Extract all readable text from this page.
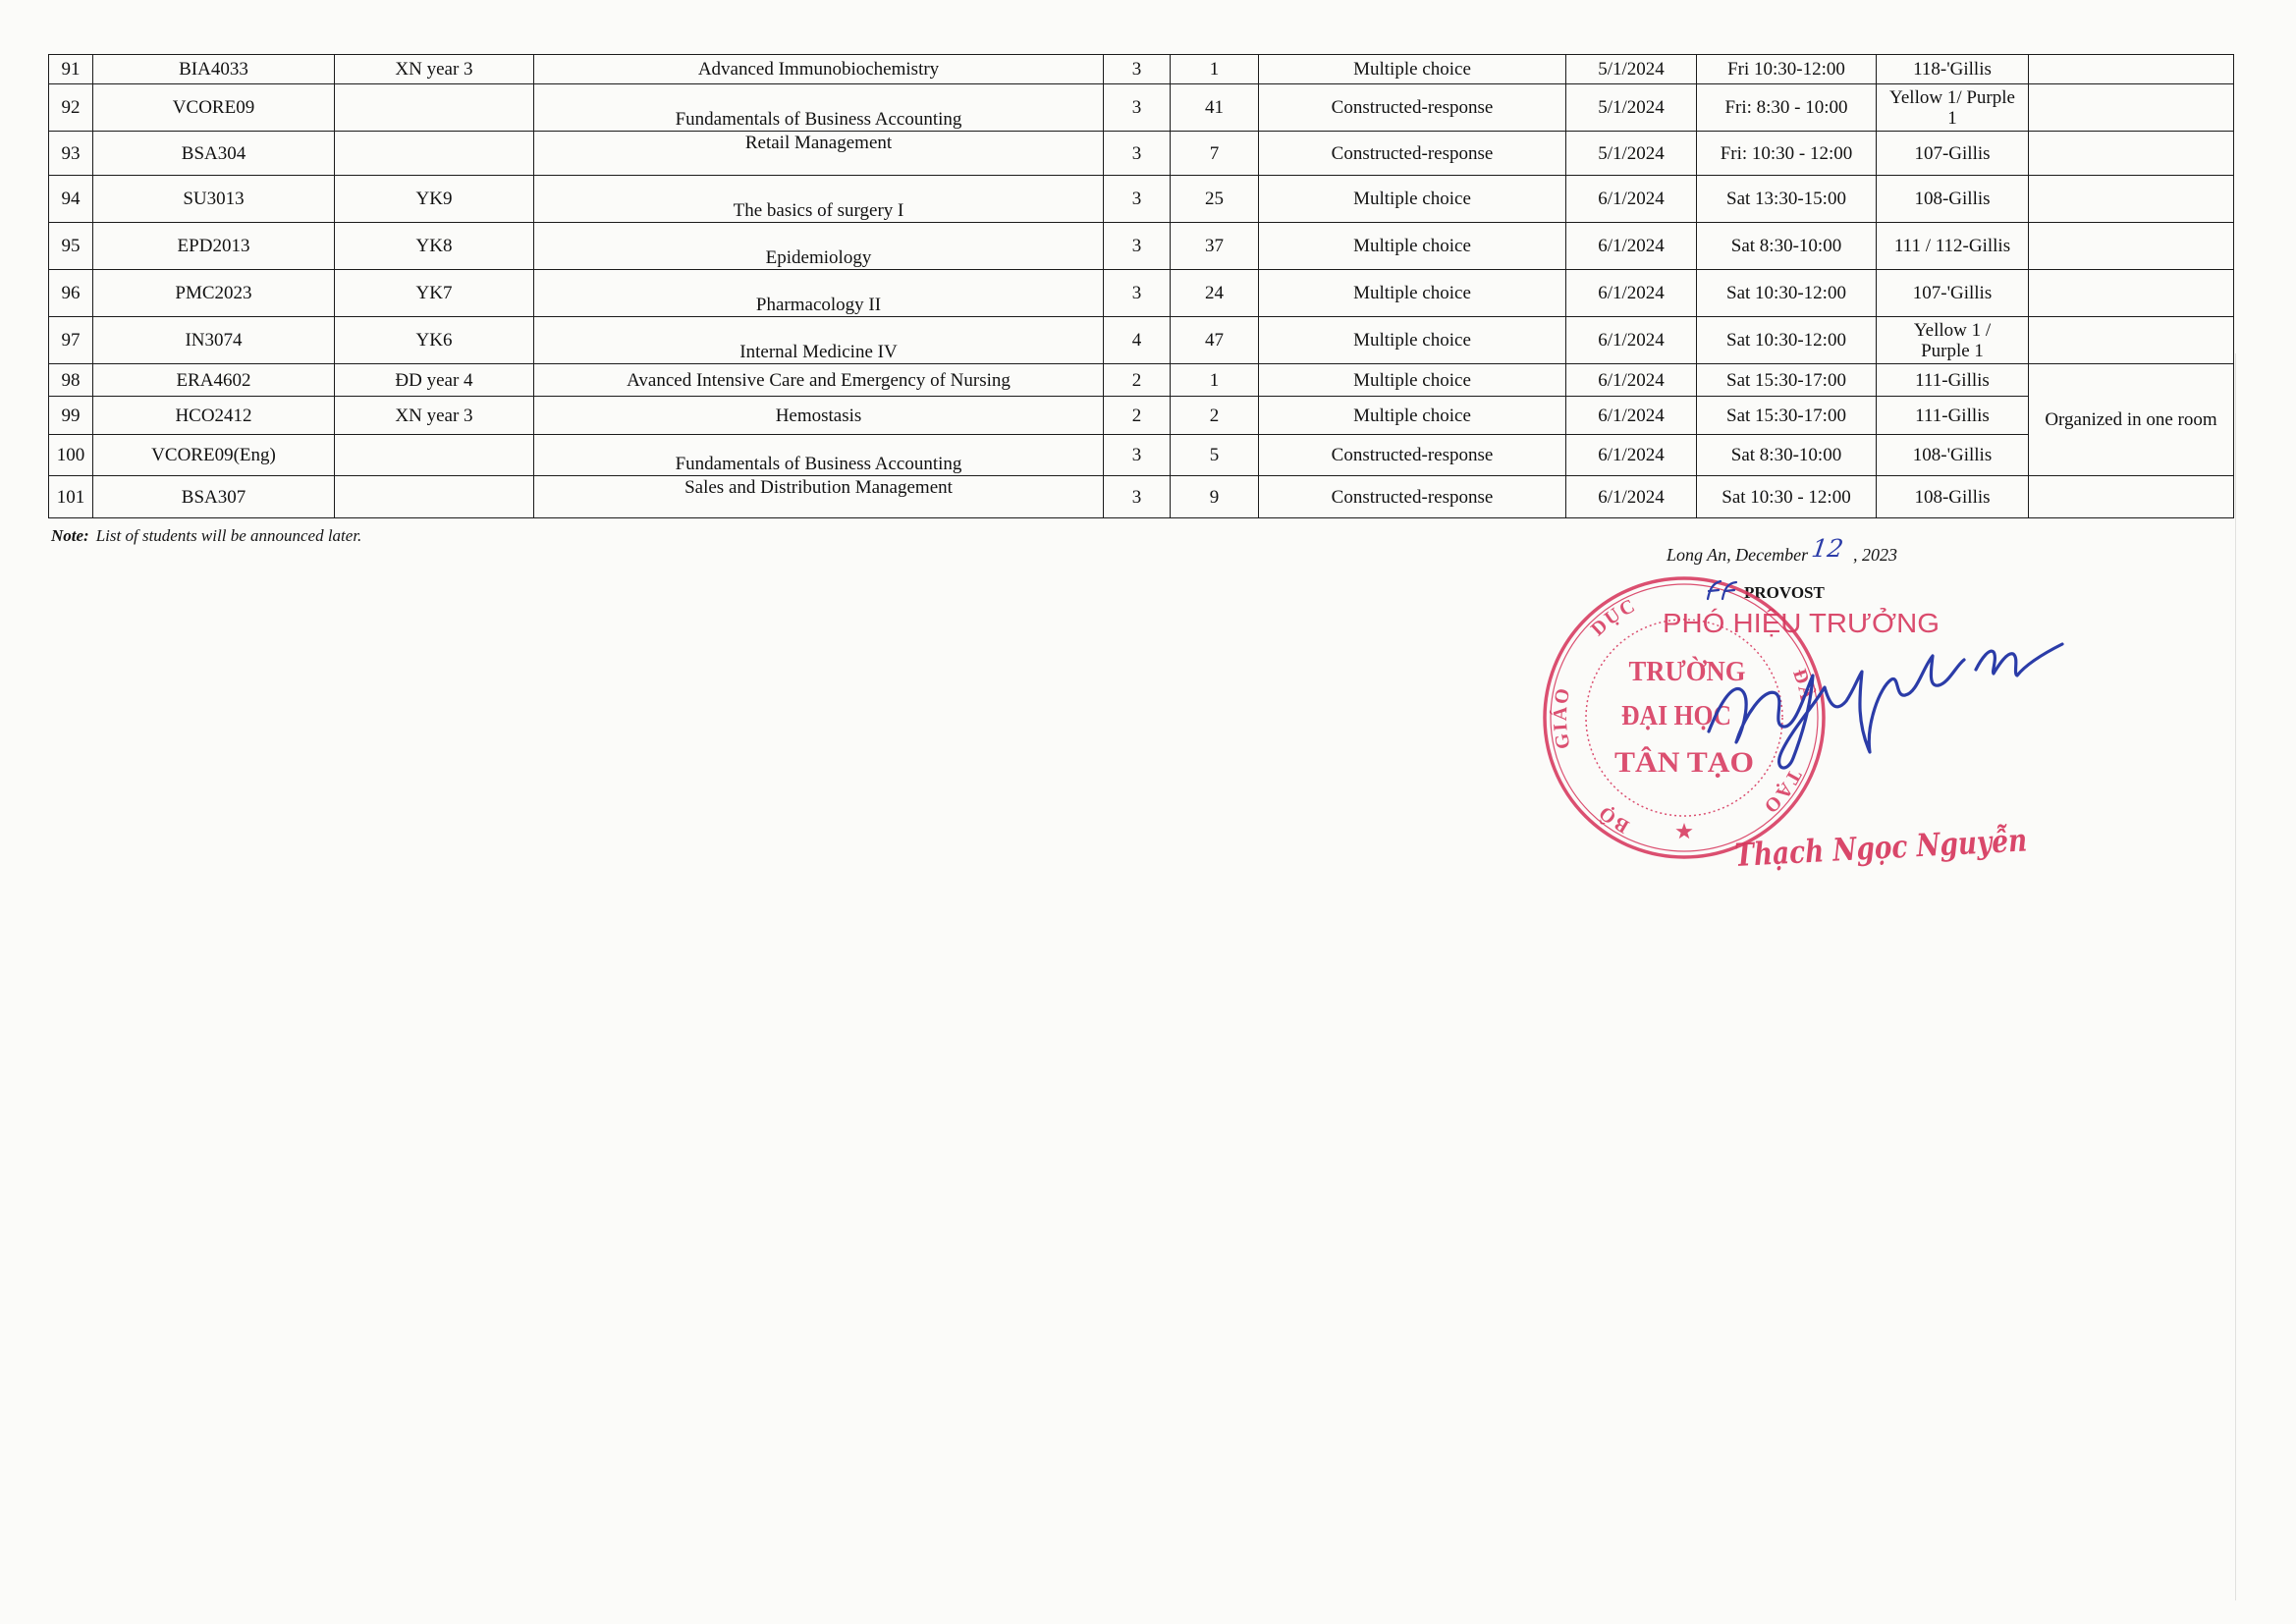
91	BIA4033	XN year 3	Advanced Immunobiochemistry	3	1	Multiple choice	5/1/2024	Fri 10:30-12:00	118-'Gillis	
92	VCORE09		Fundamentals of Business Accounting	3	41	Constructed-response	5/1/2024	Fri: 8:30 - 10:00	Yellow 1/ Purple 1	
93	BSA304		Retail Management	3	7	Constructed-response	5/1/2024	Fri: 10:30 - 12:00	107-Gillis	
94	SU3013	YK9	The basics of surgery I	3	25	Multiple choice	6/1/2024	Sat 13:30-15:00	108-Gillis	
95	EPD2013	YK8	Epidemiology	3	37	Multiple choice	6/1/2024	Sat 8:30-10:00	111 / 112-Gillis	
96	PMC2023	YK7	Pharmacology II	3	24	Multiple choice	6/1/2024	Sat 10:30-12:00	107-'Gillis	
97	IN3074	YK6	Internal Medicine IV	4	47	Multiple choice	6/1/2024	Sat 10:30-12:00	Yellow 1 / Purple 1	
98	ERA4602	ĐD year 4	Avanced Intensive Care and Emergency of Nursing	2	1	Multiple choice	6/1/2024	Sat 15:30-17:00	111-Gillis	Organized in one room
99	HCO2412	XN year 3	Hemostasis	2	2	Multiple choice	6/1/2024	Sat 15:30-17:00	111-Gillis	
100	VCORE09(Eng)		Fundamentals of Business Accounting	3	5	Constructed-response	6/1/2024	Sat 8:30-10:00	108-'Gillis	
101	BSA307		Sales and Distribution Management	3	9	Constructed-response	6/1/2024	Sat 10:30 - 12:00	108-Gillis	
Note: List of students will be announced later.
Long An, December12 , 2023
PROVOST
BỘ
GIÁO
DỤC
ĐÀ
TẠO
TRƯỜNG
ĐẠI HỌC
TÂN TẠO
PHÓ HIỆU TRƯỞNG
Thạch Ngọc Nguyễn
